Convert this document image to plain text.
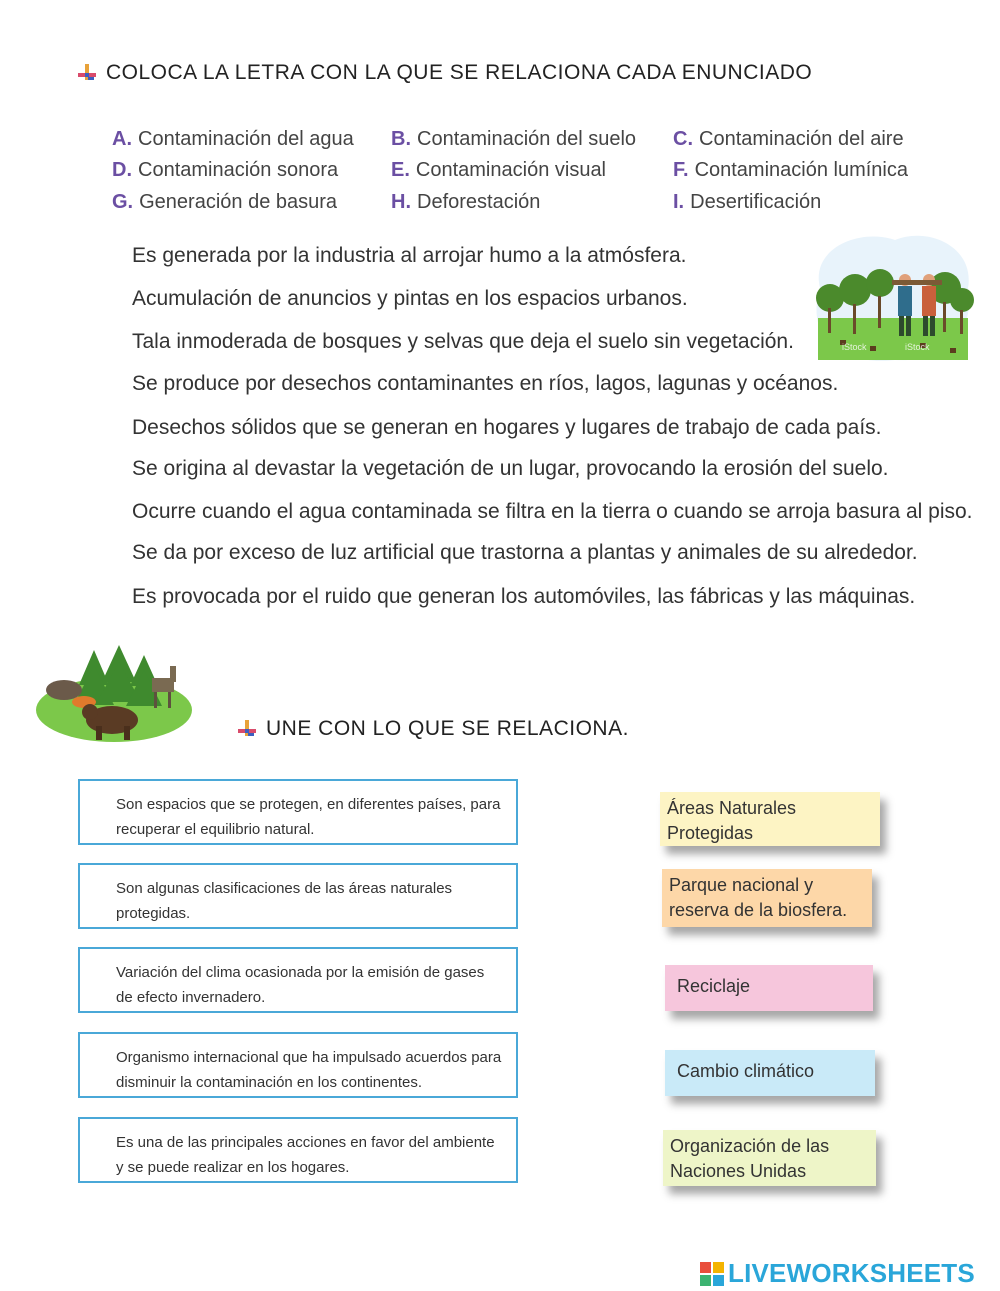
COLOCA LA LETRA CON LA QUE SE RELACIONA CADA ENUNCIADO
A. Contaminación del agua B. Contaminación del suelo C. Contaminación del aire
D. Contaminación sonora	E. Contaminación visual	F. Contaminación lumínica
G. Generación de basura	H. Deforestación	I. Desertificación
Es generada por la industria al arrojar humo a la atmósfera.
Acumulación de anuncios y pintas en los espacios urbanos.
Tala inmoderada de bosques y selvas que deja el suelo sin vegetación.
Se produce por desechos contaminantes en ríos, lagos, lagunas y océanos.
Desechos sólidos que se generan en hogares y lugares de trabajo de cada país.
Se origina al devastar la vegetación de un lugar, provocando la erosión del suelo.
Ocurre cuando el agua contaminada se filtra en la tierra o cuando se arroja basura al piso.
Se da por exceso de luz artificial que trastorna a plantas y animales de su alrededor.
Es provocada por el ruido que generan los automóviles, las fábricas y las máquinas.
iStock	iStock
UNE CON LO QUE SE RELACIONA.
Son espacios que se protegen, en diferentes países, para recuperar el equilibrio natural.
Son algunas clasificaciones de las áreas naturales protegidas.
Variación del clima ocasionada por la emisión de gases de efecto invernadero.
Organismo internacional que ha impulsado acuerdos para disminuir la contaminación en los continentes.
Es una de las principales acciones en favor del ambiente y se puede realizar en los hogares.
Áreas Naturales Protegidas
Parque nacional y reserva de la biosfera.
Reciclaje
Cambio climático
Organización de las Naciones Unidas
LIVEWORKSHEETS
